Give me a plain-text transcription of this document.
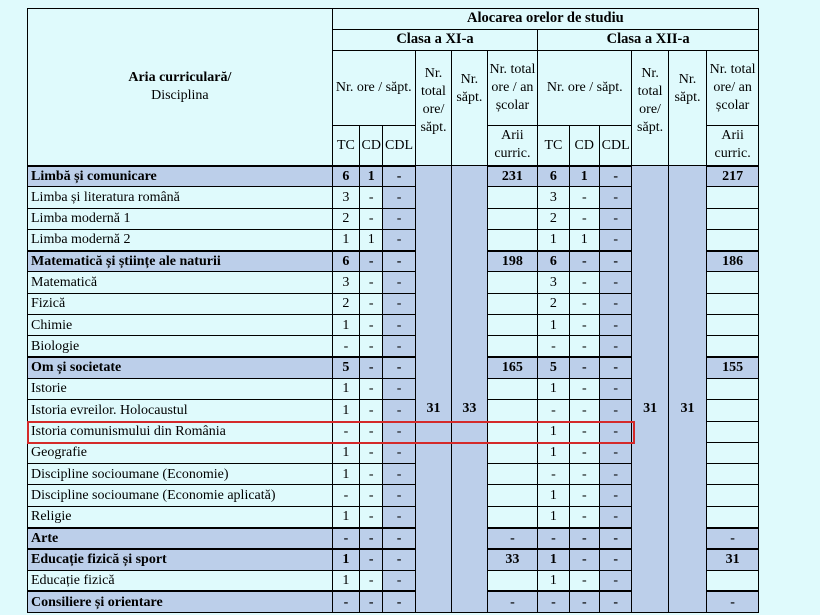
Aria curriculară/
Disciplina	Alocarea orelor de studiu											
	Clasa a XI-a						Clasa a XII-a					
	Nr. ore / săpt.			Nr. total ore/ săpt.	Nr. săpt.	Nr. total ore / an școlar	Nr. ore / săpt.			Nr. total ore/ săpt.	Nr. săpt.	Nr. total ore/ an școlar
	TC	CD	CDL			Arii curric.	TC	CD	CDL			Arii curric.
Limbă și comunicare	6	1	-	31	33	231	6	1	-	31	31	217
Limba și literatura română	3	-	-				3	-	-			
Limba modernă 1	2	-	-				2	-	-			
Limba modernă 2	1	1	-				1	1	-			
Matematică și științe ale naturii	6	-	-			198	6	-	-			186
Matematică	3	-	-				3	-	-			
Fizică	2	-	-				2	-	-			
Chimie	1	-	-				1	-	-			
Biologie	-	-	-				-	-	-			
Om și societate	5	-	-			165	5	-	-			155
Istorie	1	-	-				1	-	-			
Istoria evreilor. Holocaustul	1	-	-				-	-	-			
Istoria comunismului din România	-	-	-				1	-	-			
Geografie	1	-	-				1	-	-			
Discipline socioumane (Economie)	1	-	-				-	-	-			
Discipline socioumane (Economie aplicată)	-	-	-				1	-	-			
Religie	1	-	-				1	-	-			
Arte	-	-	-			-	-	-	-			-
Educație fizică și sport	1	-	-			33	1	-	-			31
Educație fizică	1	-	-				1	-	-			
Consiliere și orientare	-	-	-			-	-	-	-			-
